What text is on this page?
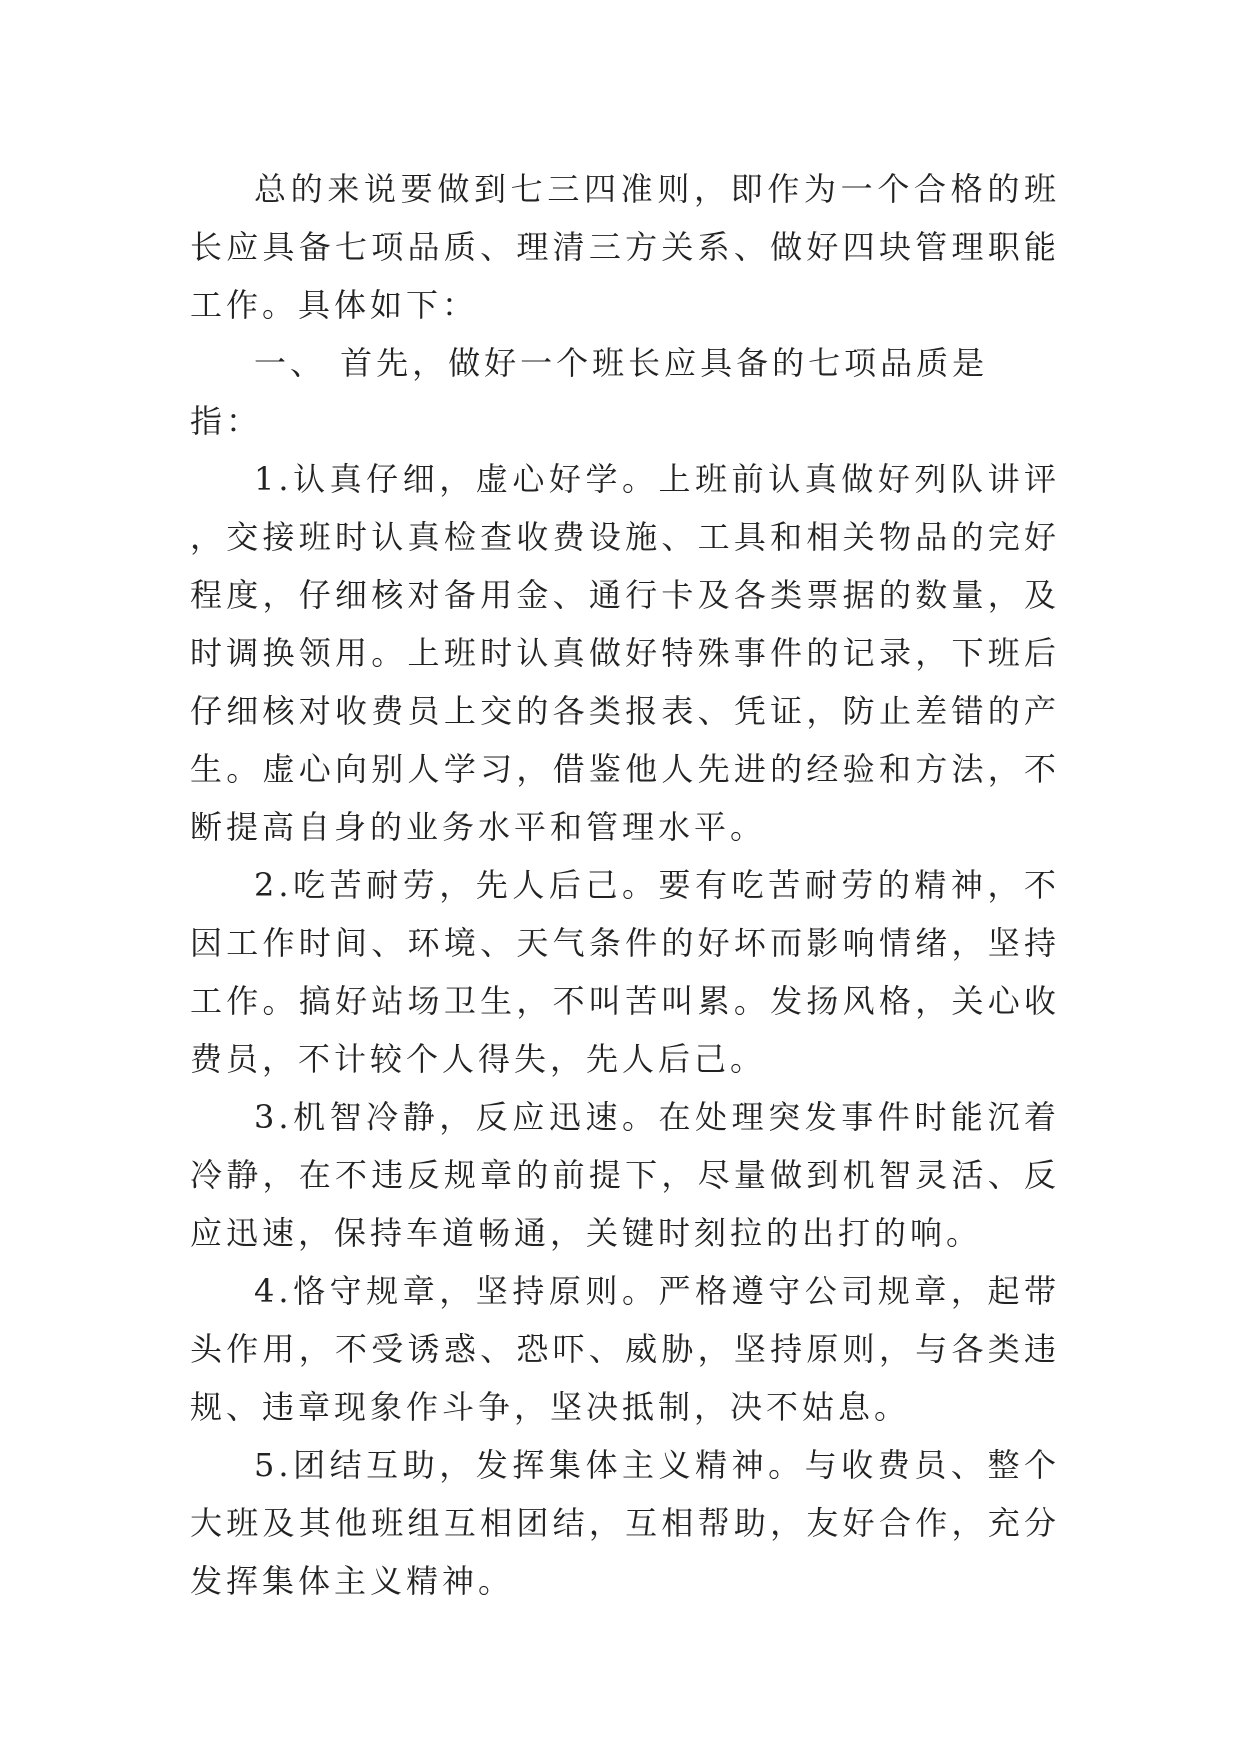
总的来说要做到七三四准则，即作为一个合格的班长应具备七项品质、理清三方关系、做好四块管理职能工作。具体如下：

一、 首先，做好一个班长应具备的七项品质是指：

1.认真仔细，虚心好学。上班前认真做好列队讲评，交接班时认真检查收费设施、工具和相关物品的完好程度，仔细核对备用金、通行卡及各类票据的数量，及时调换领用。上班时认真做好特殊事件的记录，下班后仔细核对收费员上交的各类报表、凭证，防止差错的产生。虚心向别人学习，借鉴他人先进的经验和方法，不断提高自身的业务水平和管理水平。

2.吃苦耐劳，先人后己。要有吃苦耐劳的精神，不因工作时间、环境、天气条件的好坏而影响情绪，坚持工作。搞好站场卫生，不叫苦叫累。发扬风格，关心收费员，不计较个人得失，先人后己。

3.机智冷静，反应迅速。在处理突发事件时能沉着冷静，在不违反规章的前提下，尽量做到机智灵活、反应迅速，保持车道畅通，关键时刻拉的出打的响。

4.恪守规章，坚持原则。严格遵守公司规章，起带头作用，不受诱惑、恐吓、威胁，坚持原则，与各类违规、违章现象作斗争，坚决抵制，决不姑息。

5.团结互助，发挥集体主义精神。与收费员、整个大班及其他班组互相团结，互相帮助，友好合作，充分发挥集体主义精神。
